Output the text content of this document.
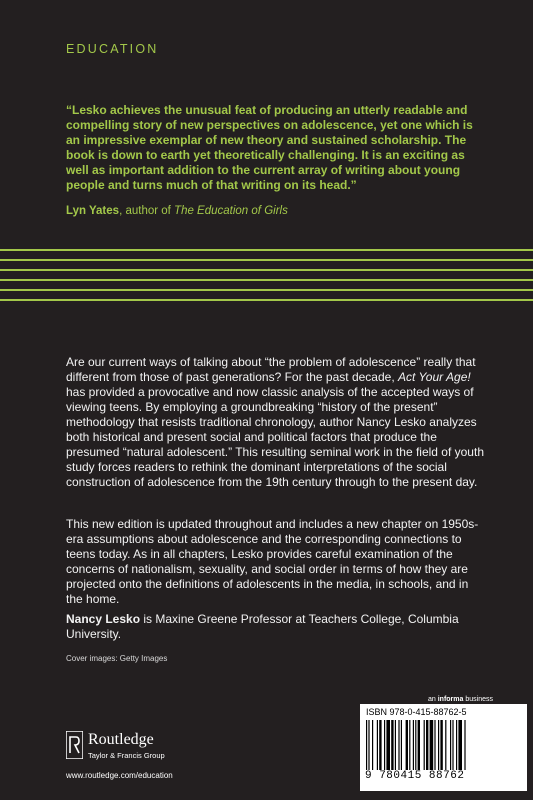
EDUCATION
“Lesko achieves the unusual feat of producing an utterly readable and compelling story of new perspectives on adolescence, yet one which is an impressive exemplar of new theory and sustained scholarship. The book is down to earth yet theoretically challenging. It is an exciting as well as important addition to the current array of writing about young people and turns much of that writing on its head.”
Lyn Yates, author of The Education of Girls
Are our current ways of talking about “the problem of adolescence” really that different from those of past generations? For the past decade, Act Your Age! has provided a provocative and now classic analysis of the accepted ways of viewing teens. By employing a groundbreaking “history of the present” methodology that resists traditional chronology, author Nancy Lesko analyzes both historical and present social and political factors that produce the presumed “natural adolescent.” This resulting seminal work in the field of youth study forces readers to rethink the dominant interpretations of the social construction of adolescence from the 19th century through to the present day.
This new edition is updated throughout and includes a new chapter on 1950s-era assumptions about adolescence and the corresponding connections to teens today. As in all chapters, Lesko provides careful examination of the concerns of nationalism, sexuality, and social order in terms of how they are projected onto the definitions of adolescents in the media, in schools, and in the home.
Nancy Lesko is Maxine Greene Professor at Teachers College, Columbia University.
Cover images: Getty Images
an informa business
Routledge
Taylor & Francis Group
www.routledge.com/education
ISBN 978-0-415-88762-5
9 780415 88762
